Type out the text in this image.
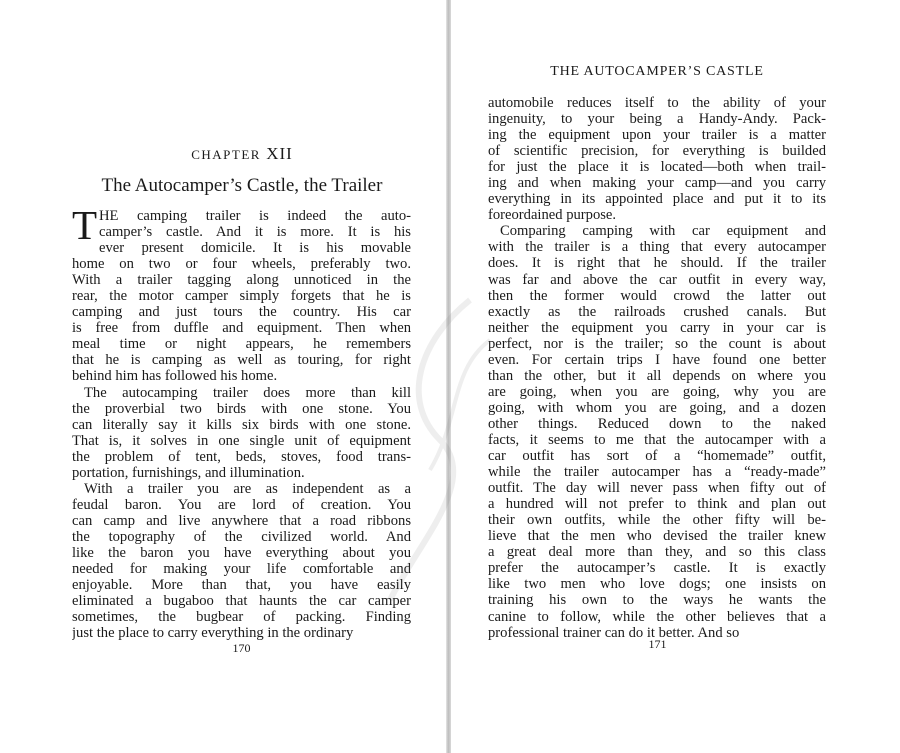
CHAPTER XII
The Autocamper’s Castle, the Trailer
T HE camping trailer is indeed the auto-
camper’s castle. And it is more. It is his
ever present domicile. It is his movable
home on two or four wheels, preferably two.
With a trailer tagging along unnoticed in the
rear, the motor camper simply forgets that he is
camping and just tours the country. His car
is free from duffle and equipment. Then when
meal time or night appears, he remembers
that he is camping as well as touring, for right
behind him has followed his home.
The autocamping trailer does more than kill
the proverbial two birds with one stone. You
can literally say it kills six birds with one stone.
That is, it solves in one single unit of equipment
the problem of tent, beds, stoves, food trans-
portation, furnishings, and illumination.
With a trailer you are as independent as a
feudal baron. You are lord of creation. You
can camp and live anywhere that a road ribbons
the topography of the civilized world. And
like the baron you have everything about you
needed for making your life comfortable and
enjoyable. More than that, you have easily
eliminated a bugaboo that haunts the car camper
sometimes, the bugbear of packing. Finding
just the place to carry everything in the ordinary
170
THE AUTOCAMPER’S CASTLE
automobile reduces itself to the ability of your
ingenuity, to your being a Handy-Andy. Pack-
ing the equipment upon your trailer is a matter
of scientific precision, for everything is builded
for just the place it is located—both when trail-
ing and when making your camp—and you carry
everything in its appointed place and put it to its
foreordained purpose.
Comparing camping with car equipment and
with the trailer is a thing that every autocamper
does. It is right that he should. If the trailer
was far and above the car outfit in every way,
then the former would crowd the latter out
exactly as the railroads crushed canals. But
neither the equipment you carry in your car is
perfect, nor is the trailer; so the count is about
even. For certain trips I have found one better
than the other, but it all depends on where you
are going, when you are going, why you are
going, with whom you are going, and a dozen
other things. Reduced down to the naked
facts, it seems to me that the autocamper with a
car outfit has sort of a “homemade” outfit,
while the trailer autocamper has a “ready-made”
outfit. The day will never pass when fifty out of
a hundred will not prefer to think and plan out
their own outfits, while the other fifty will be-
lieve that the men who devised the trailer knew
a great deal more than they, and so this class
prefer the autocamper’s castle. It is exactly
like two men who love dogs; one insists on
training his own to the ways he wants the
canine to follow, while the other believes that a
professional trainer can do it better. And so
171
